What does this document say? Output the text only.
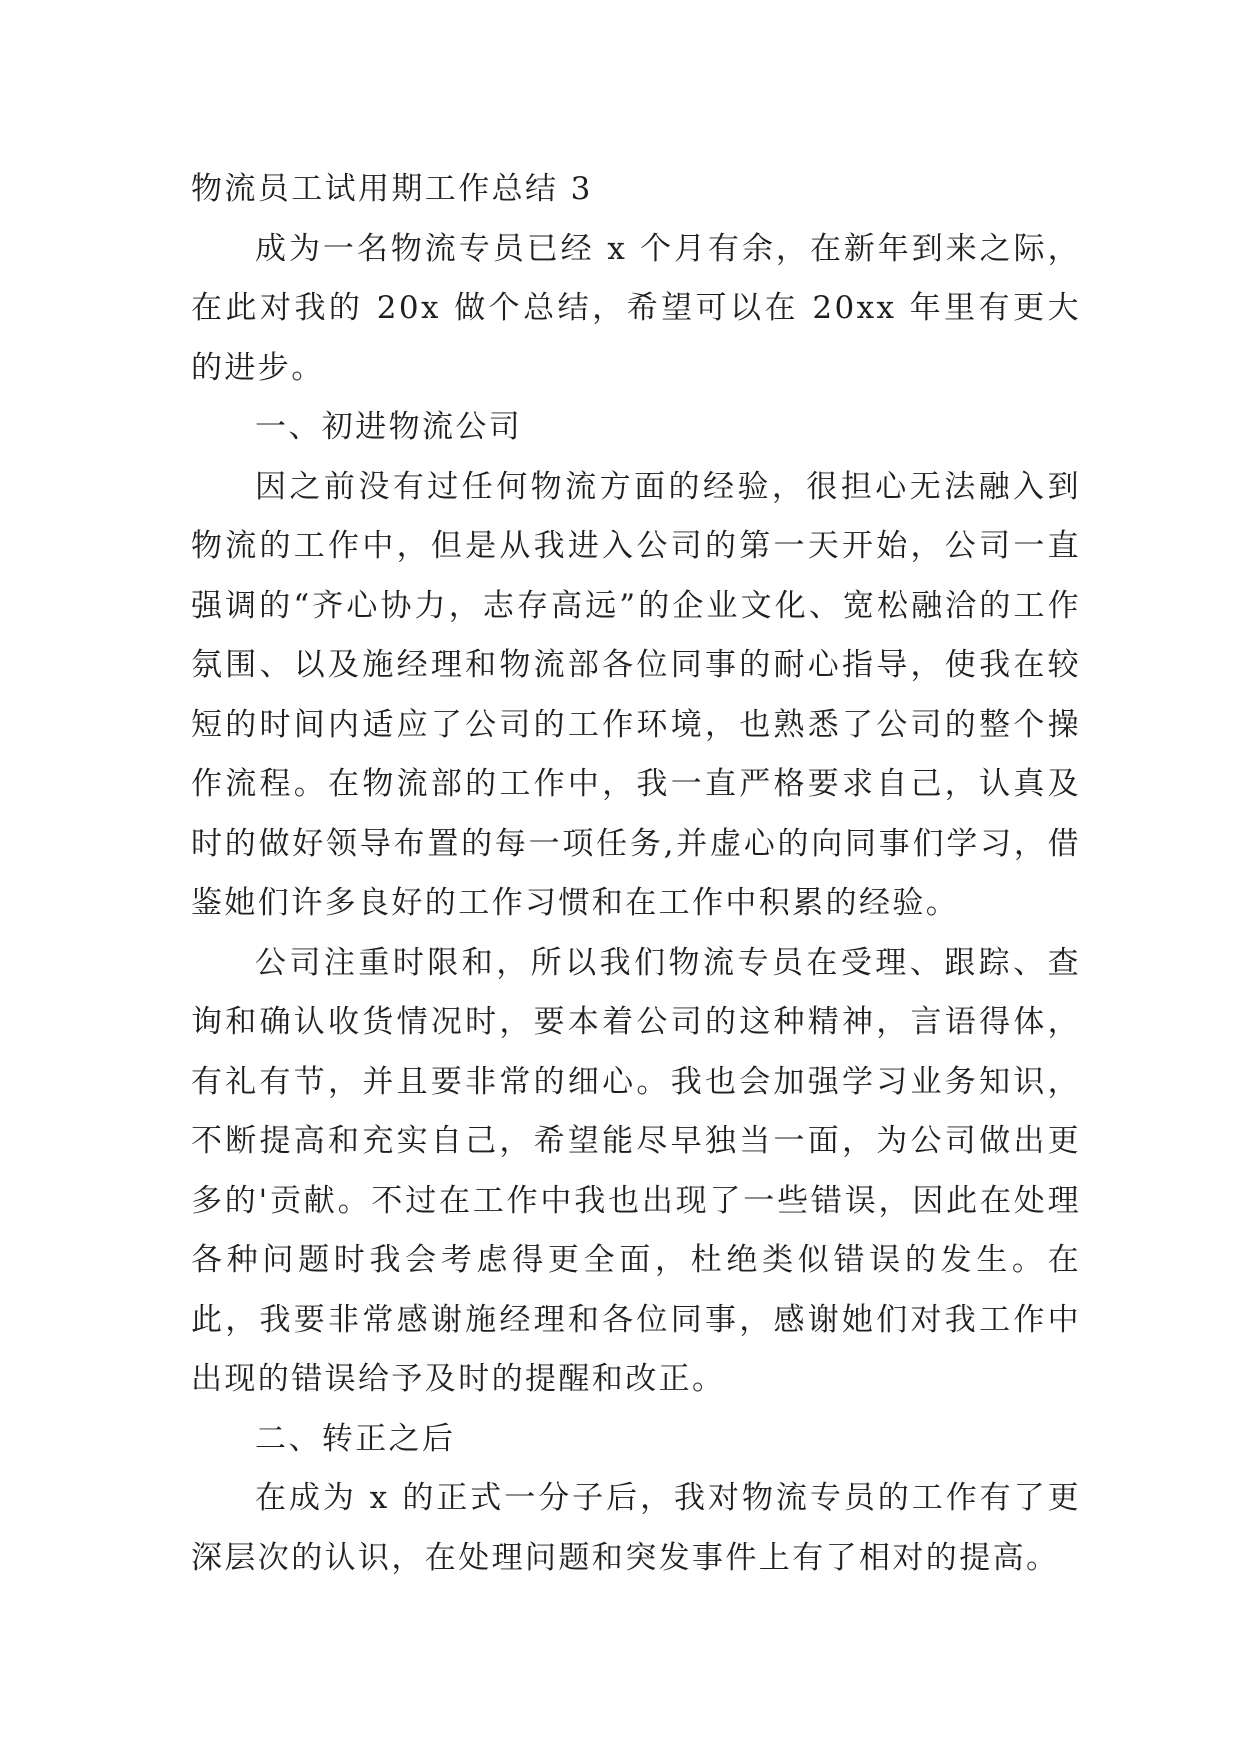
物流员工试用期工作总结 3

成为一名物流专员已经 x 个月有余，在新年到来之际，在此对我的 20x 做个总结，希望可以在 20xx 年里有更大的进步。

一、初进物流公司

因之前没有过任何物流方面的经验，很担心无法融入到物流的工作中，但是从我进入公司的第一天开始，公司一直强调的“齐心协力，志存高远”的企业文化、宽松融洽的工作氛围、以及施经理和物流部各位同事的耐心指导，使我在较短的时间内适应了公司的工作环境，也熟悉了公司的整个操作流程。在物流部的工作中，我一直严格要求自己，认真及时的做好领导布置的每一项任务,并虚心的向同事们学习，借鉴她们许多良好的工作习惯和在工作中积累的经验。

公司注重时限和，所以我们物流专员在受理、跟踪、查询和确认收货情况时，要本着公司的这种精神，言语得体，有礼有节，并且要非常的细心。我也会加强学习业务知识，不断提高和充实自己，希望能尽早独当一面，为公司做出更多的'贡献。不过在工作中我也出现了一些错误，因此在处理各种问题时我会考虑得更全面，杜绝类似错误的发生。在此，我要非常感谢施经理和各位同事，感谢她们对我工作中出现的错误给予及时的提醒和改正。

二、转正之后

在成为 x 的正式一分子后，我对物流专员的工作有了更深层次的认识，在处理问题和突发事件上有了相对的提高。
